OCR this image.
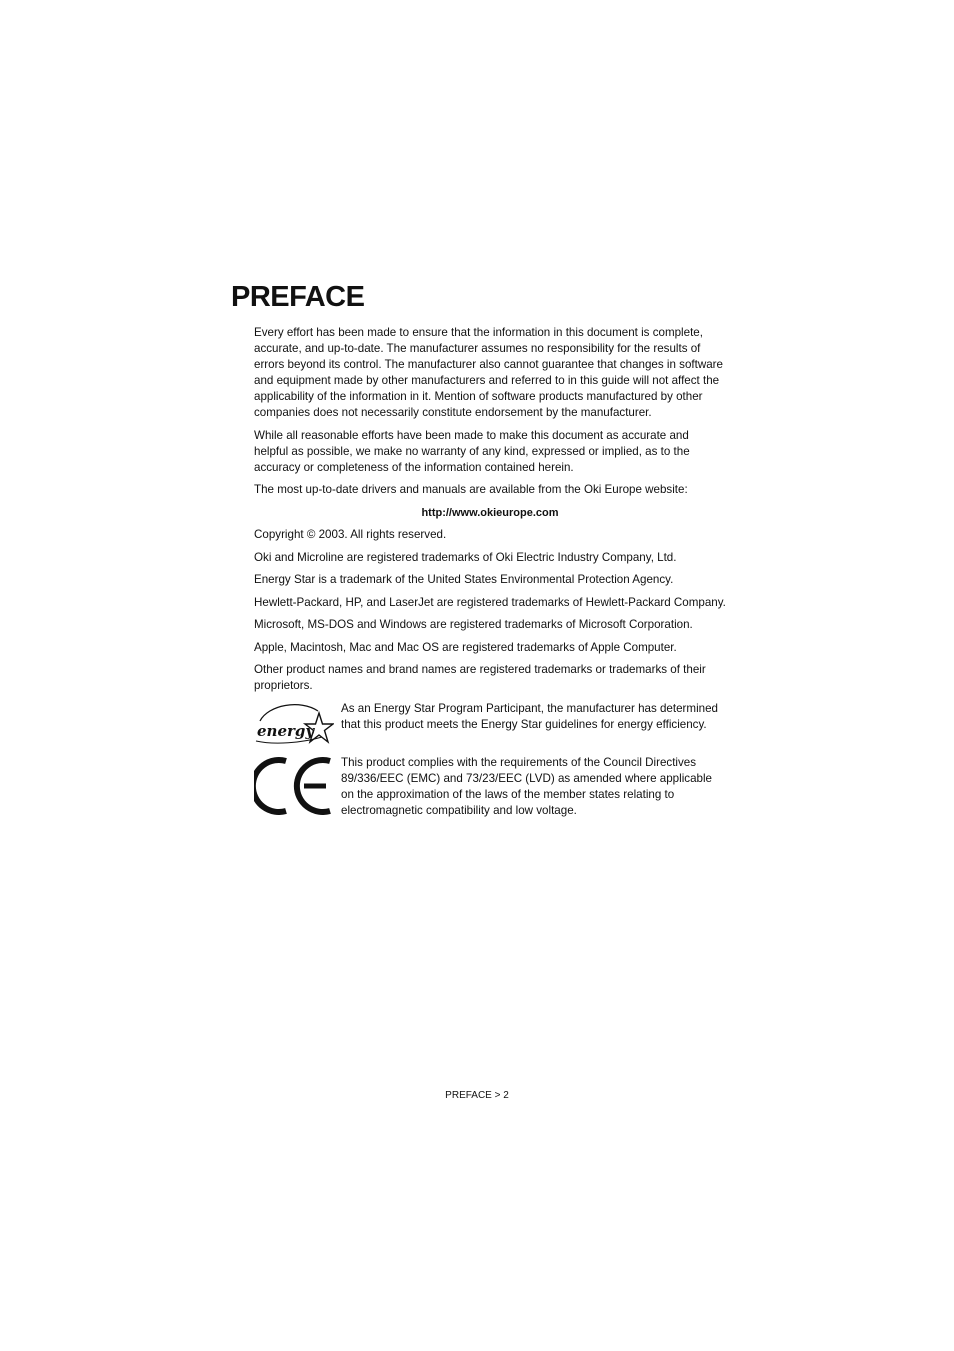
PREFACE

Every effort has been made to ensure that the information in this document is complete, accurate, and up-to-date. The manufacturer assumes no responsibility for the results of errors beyond its control. The manufacturer also cannot guarantee that changes in software and equipment made by other manufacturers and referred to in this guide will not affect the applicability of the information in it. Mention of software products manufactured by other companies does not necessarily constitute endorsement by the manufacturer.

While all reasonable efforts have been made to make this document as accurate and helpful as possible, we make no warranty of any kind, expressed or implied, as to the accuracy or completeness of the information contained herein.

The most up-to-date drivers and manuals are available from the Oki Europe website:

http://www.okieurope.com

Copyright © 2003. All rights reserved.

Oki and Microline are registered trademarks of Oki Electric Industry Company, Ltd.

Energy Star is a trademark of the United States Environmental Protection Agency.

Hewlett-Packard, HP, and LaserJet are registered trademarks of Hewlett-Packard Company.

Microsoft, MS-DOS and Windows are registered trademarks of Microsoft Corporation.

Apple, Macintosh, Mac and Mac OS are registered trademarks of Apple Computer.

Other product names and brand names are registered trademarks or trademarks of their proprietors.

energy

As an Energy Star Program Participant, the manufacturer has determined that this product meets the Energy Star guidelines for energy efficiency.

This product complies with the requirements of the Council Directives 89/336/EEC (EMC) and 73/23/EEC (LVD) as amended where applicable on the approximation of the laws of the member states relating to electromagnetic compatibility and low voltage.

PREFACE > 2
